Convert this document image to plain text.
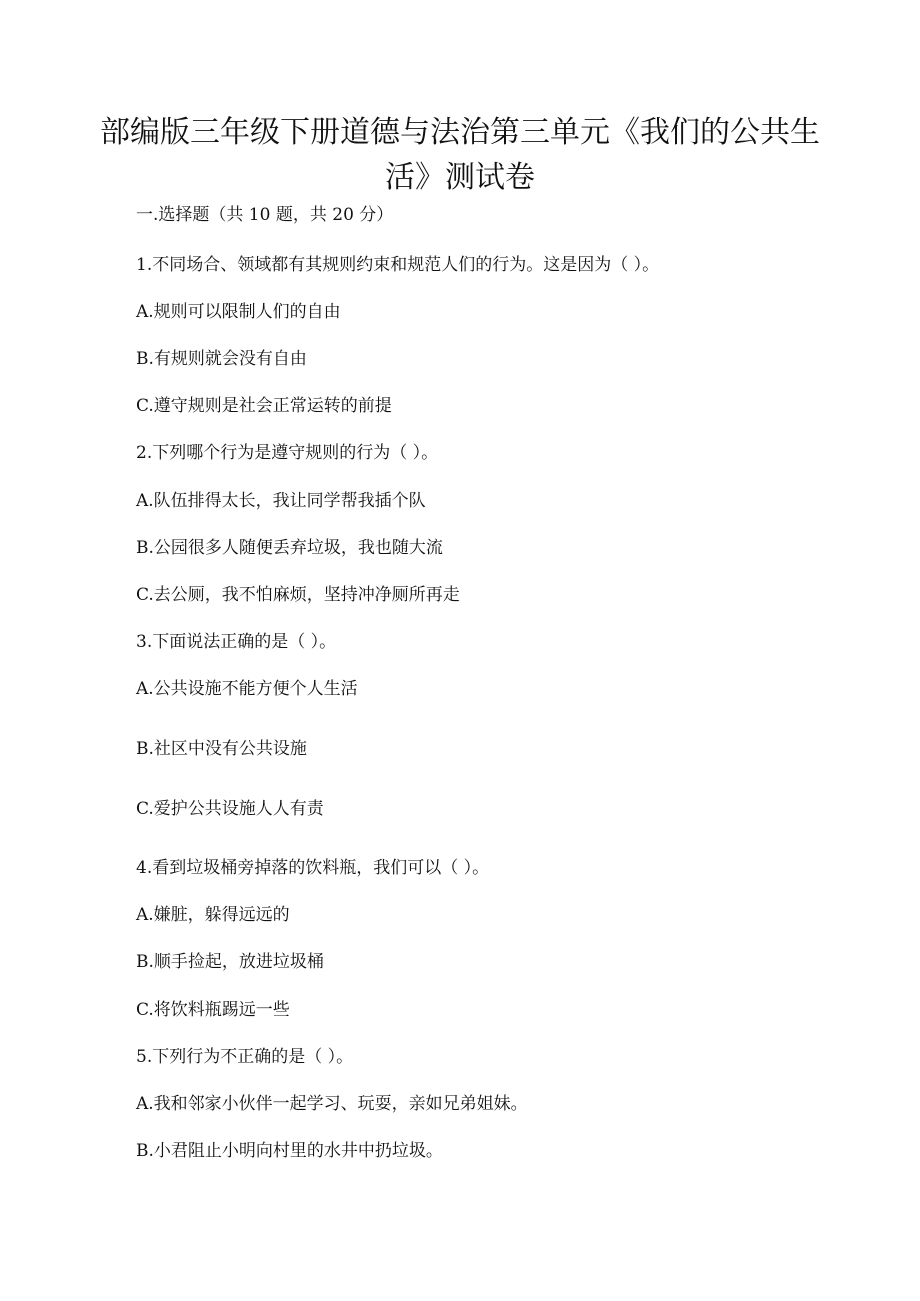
部编版三年级下册道德与法治第三单元《我们的公共生活》测试卷
一.选择题（共 10 题，共 20 分）
1.不同场合、领域都有其规则约束和规范人们的行为。这是因为（ ）。
A.规则可以限制人们的自由
B.有规则就会没有自由
C.遵守规则是社会正常运转的前提
2.下列哪个行为是遵守规则的行为（ ）。
A.队伍排得太长，我让同学帮我插个队
B.公园很多人随便丢弃垃圾，我也随大流
C.去公厕，我不怕麻烦，坚持冲净厕所再走
3.下面说法正确的是（ ）。
A.公共设施不能方便个人生活
B.社区中没有公共设施
C.爱护公共设施人人有责
4.看到垃圾桶旁掉落的饮料瓶，我们可以（ ）。
A.嫌脏，躲得远远的
B.顺手捡起，放进垃圾桶
C.将饮料瓶踢远一些
5.下列行为不正确的是（ ）。
A.我和邻家小伙伴一起学习、玩耍，亲如兄弟姐妹。
B.小君阻止小明向村里的水井中扔垃圾。
